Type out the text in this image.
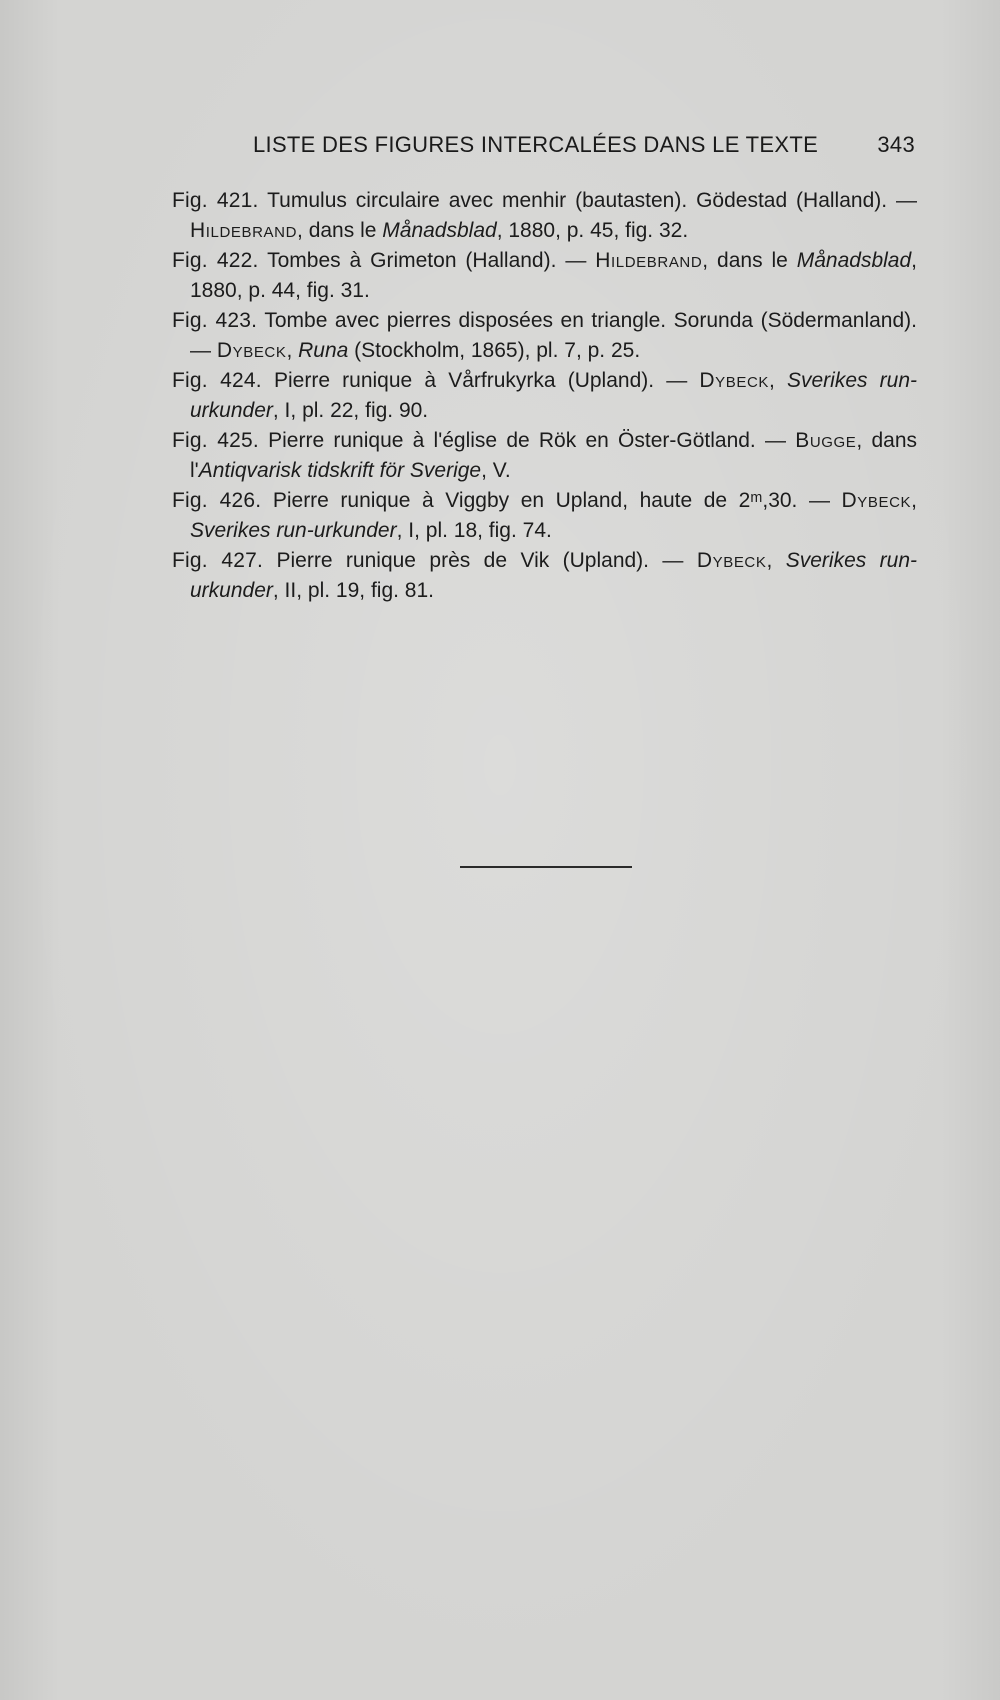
LISTE DES FIGURES INTERCALÉES DANS LE TEXTE	343

Fig. 421. Tumulus circulaire avec menhir (bautasten). Gödestad (Halland). — Hildebrand, dans le Månadsblad, 1880, p. 45, fig. 32.

Fig. 422. Tombes à Grimeton (Halland). — Hildebrand, dans le Månadsblad, 1880, p. 44, fig. 31.

Fig. 423. Tombe avec pierres disposées en triangle. Sorunda (Södermanland). — Dybeck, Runa (Stockholm, 1865), pl. 7, p. 25.

Fig. 424. Pierre runique à Vårfrukyrka (Upland). — Dybeck, Sverikes run-urkunder, I, pl. 22, fig. 90.

Fig. 425. Pierre runique à l'église de Rök en Öster-Götland. — Bugge, dans l'Antiqvarisk tidskrift för Sverige, V.

Fig. 426. Pierre runique à Viggby en Upland, haute de 2ᵐ,30. — Dybeck, Sverikes run-urkunder, I, pl. 18, fig. 74.

Fig. 427. Pierre runique près de Vik (Upland). — Dybeck, Sverikes run-urkunder, II, pl. 19, fig. 81.
